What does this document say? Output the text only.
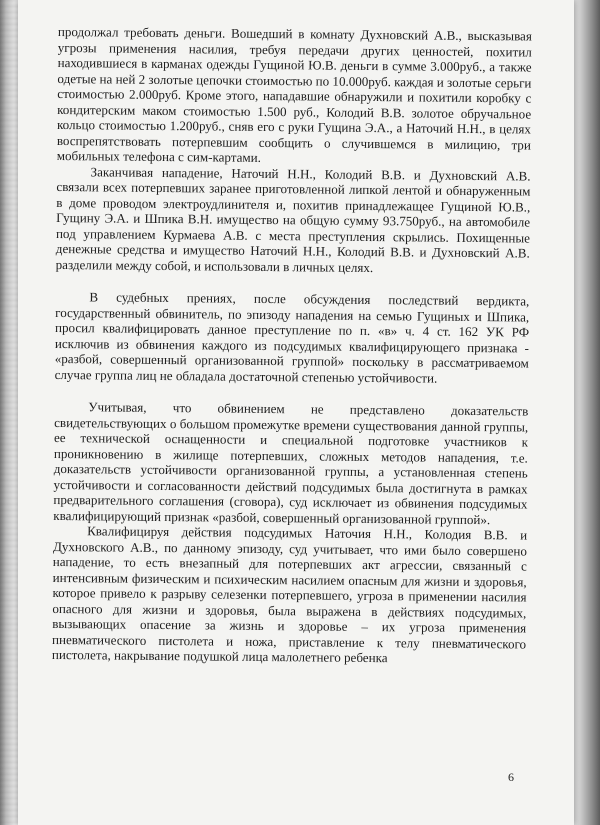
продолжал требовать деньги. Вошедший в комнату Духновский А.В., высказывая угрозы применения насилия, требуя передачи других ценностей, похитил находившиеся в карманах одежды Гущиной Ю.В. деньги в сумме 3.000руб., а также одетые на ней 2 золотые цепочки стоимостью по 10.000руб. каждая и золотые серьги стоимостью 2.000руб. Кроме этого, нападавшие обнаружили и похитили коробку с кондитерским маком стоимостью 1.500 руб., Колодий В.В. золотое обручальное кольцо стоимостью 1.200руб., сняв его с руки Гущина Э.А., а Наточий Н.Н., в целях воспрепятствовать потерпевшим сообщить о случившемся в милицию, три мобильных телефона с сим-картами.

Заканчивая нападение, Наточий Н.Н., Колодий В.В. и Духновский А.В. связали всех потерпевших заранее приготовленной липкой лентой и обнаруженным в доме проводом электроудлинителя и, похитив принадлежащее Гущиной Ю.В., Гущину Э.А. и Шпика В.Н. имущество на общую сумму 93.750руб., на автомобиле под управлением Курмаева А.В. с места преступления скрылись. Похищенные денежные средства и имущество Наточий Н.Н., Колодий В.В. и Духновский А.В. разделили между собой, и использовали в личных целях.

В судебных прениях, после обсуждения последствий вердикта, государственный обвинитель, по эпизоду нападения на семью Гущиных и Шпика, просил квалифицировать данное преступление по п. «в» ч. 4 ст. 162 УК РФ исключив из обвинения каждого из подсудимых квалифицирующего признака - «разбой, совершенный организованной группой» поскольку в рассматриваемом случае группа лиц не обладала достаточной степенью устойчивости.

Учитывая, что обвинением не представлено доказательств свидетельствующих о большом промежутке времени существования данной группы, ее технической оснащенности и специальной подготовке участников к проникновению в жилище потерпевших, сложных методов нападения, т.е. доказательств устойчивости организованной группы, а установленная степень устойчивости и согласованности действий подсудимых была достигнута в рамках предварительного соглашения (сговора), суд исключает из обвинения подсудимых квалифицирующий признак «разбой, совершенный организованной группой».

Квалифицируя действия подсудимых Наточия Н.Н., Колодия В.В. и Духновского А.В., по данному эпизоду, суд учитывает, что ими было совершено нападение, то есть внезапный для потерпевших акт агрессии, связанный с интенсивным физическим и психическим насилием опасным для жизни и здоровья, которое привело к разрыву селезенки потерпевшего, угроза в применении насилия опасного для жизни и здоровья, была выражена в действиях подсудимых, вызывающих опасение за жизнь и здоровье – их угроза применения пневматического пистолета и ножа, приставление к телу пневматического пистолета, накрывание подушкой лица малолетнего ребенка

6
